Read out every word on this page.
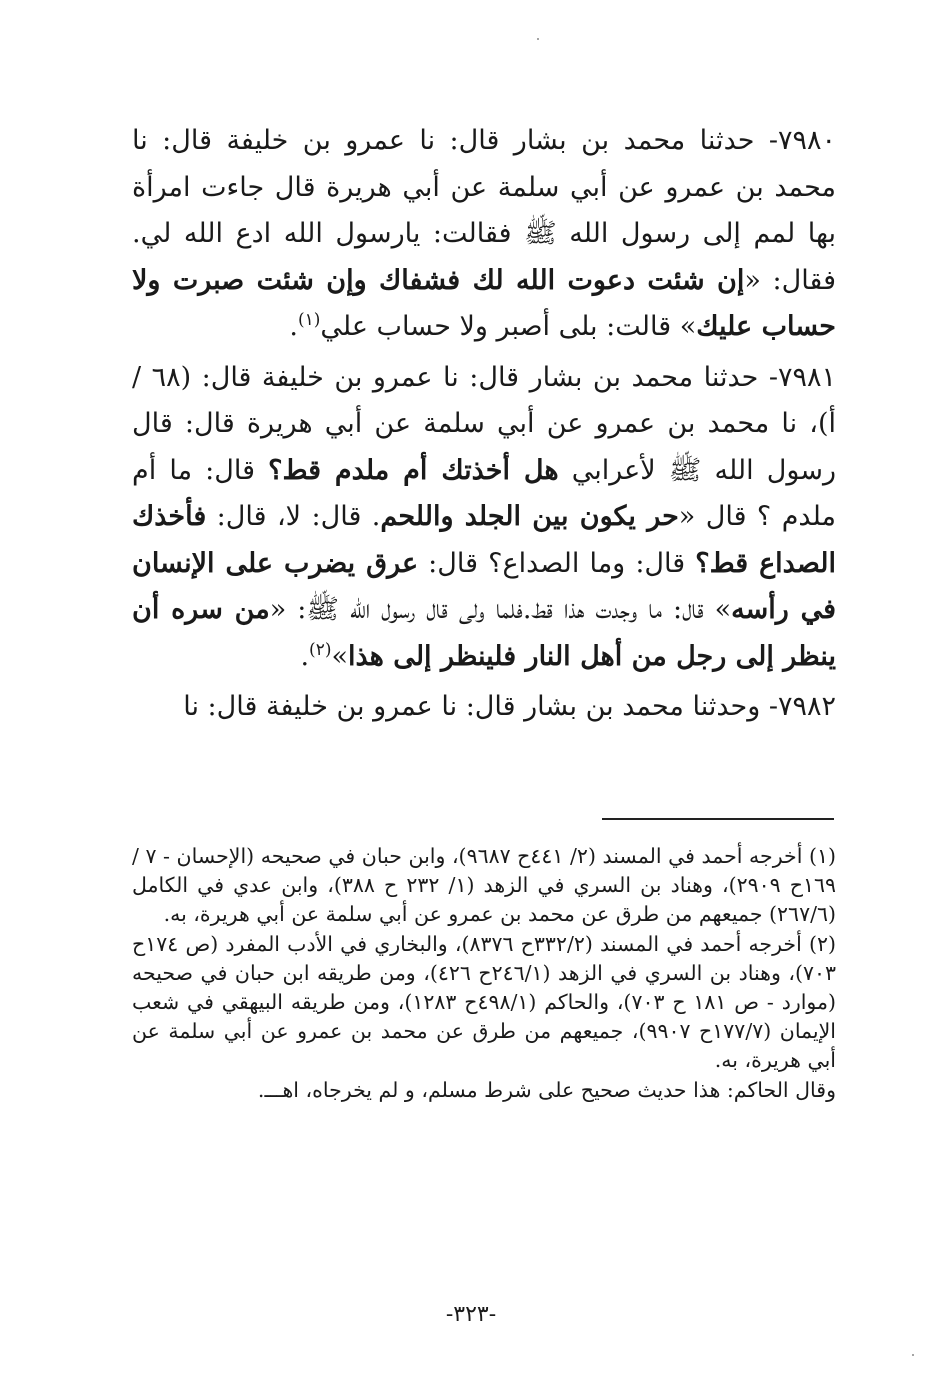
٧٩٨٠- حدثنا محمد بن بشار قال: نا عمرو بن خليفة قال: نا محمد بن عمرو عن أبي سلمة عن أبي هريرة قال جاءت امرأة بها لمم إلى رسول الله ﷺ فقالت: يارسول الله ادع الله لي. فقال: «إن شئت دعوت الله لك فشفاك وإن شئت صبرت ولا حساب عليك» قالت: بلى أصبر ولا حساب علي$^{(١)}$.

٧٩٨١- حدثنا محمد بن بشار قال: نا عمرو بن خليفة قال: (٦٨ /أ)، نا محمد بن عمرو عن أبي سلمة عن أبي هريرة قال: قال رسول الله ﷺ لأعرابي هل أخذتك أم ملدم قط؟ قال: ما أم ملدم ؟ قال «حر يكون بين الجلد واللحم. قال: لا، قال: فأخذك الصداع قط؟ قال: وما الصداع؟ قال: عرق يضرب على الإنسان في رأسه» قال: ما وجدت هذا قط.فلما ولى قال رسول الله ﷺ: «من سره أن ينظر إلى رجل من أهل النار فلينظر إلى هذا»$^{(٢)}$.

٧٩٨٢- وحدثنا محمد بن بشار قال: نا عمرو بن خليفة قال: نا

(١) أخرجه أحمد في المسند (٢/ ٤٤١ح ٩٦٨٧)، وابن حبان في صحيحه (الإحسان - ٧ / ١٦٩ح ٢٩٠٩)، وهناد بن السري في الزهد (١/ ٢٣٢ ح ٣٨٨)، وابن عدي في الكامل (٢٦٧/٦) جميعهم من طرق عن محمد بن عمرو عن أبي سلمة عن أبي هريرة، به.

(٢) أخرجه أحمد في المسند (٣٣٢/٢ح ٨٣٧٦)، والبخاري في الأدب المفرد (ص ١٧٤ح ٧٠٣)، وهناد بن السري في الزهد (٢٤٦/١ح ٤٢٦)، ومن طريقه ابن حبان في صحيحه (موارد - ص ١٨١ ح ٧٠٣)، والحاكم (٤٩٨/١ح ١٢٨٣)، ومن طريقه البيهقي في شعب الإيمان (١٧٧/٧ح ٩٩٠٧)، جميعهم من طرق عن محمد بن عمرو عن أبي سلمة عن أبي هريرة، به.

وقال الحاكم: هذا حديث صحيح على شرط مسلم، و لم يخرجاه، اهـــ.

-٣٢٣-
